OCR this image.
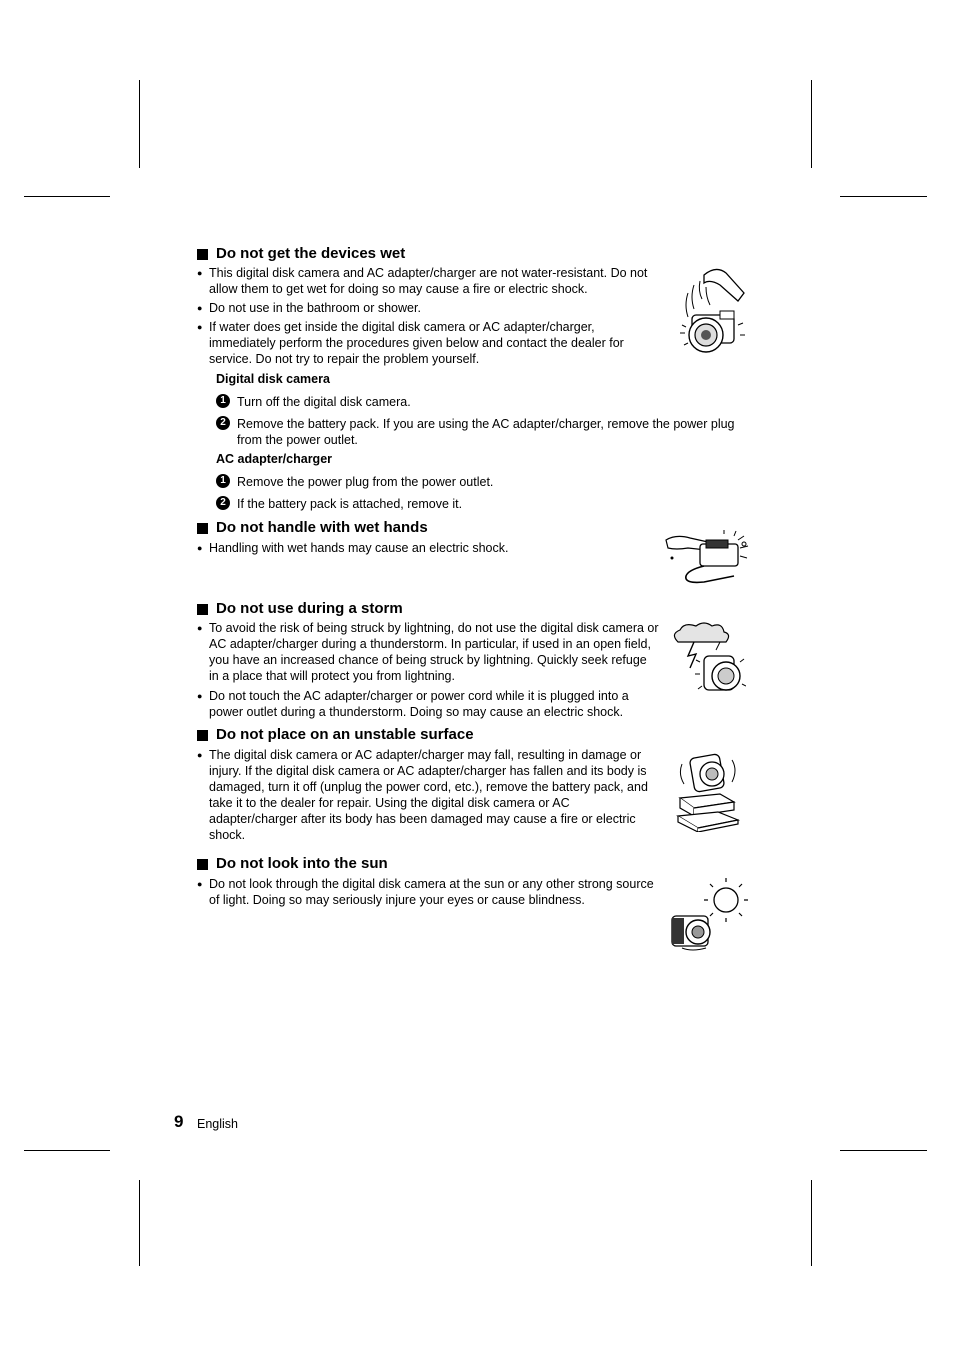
Do not get the devices wet
● This digital disk camera and AC adapter/charger are not water-resistant. Do not allow them to get wet for doing so may cause a fire or electric shock.
● Do not use in the bathroom or shower.
● If water does get inside the digital disk camera or AC adapter/charger, immediately perform the procedures given below and contact the dealer for service. Do not try to repair the problem yourself.
Digital disk camera
1 Turn off the digital disk camera.
2 Remove the battery pack. If you are using the AC adapter/charger, remove the power plug from the power outlet.
AC adapter/charger
1 Remove the power plug from the power outlet.
2 If the battery pack is attached, remove it.
Do not handle with wet hands
● Handling with wet hands may cause an electric shock.
Do not use during a storm
● To avoid the risk of being struck by lightning, do not use the digital disk camera or AC adapter/charger during a thunderstorm. In particular, if used in an open field, you have an increased chance of being struck by lightning. Quickly seek refuge in a place that will protect you from lightning.
● Do not touch the AC adapter/charger or power cord while it is plugged into a power outlet during a thunderstorm. Doing so may cause an electric shock.
Do not place on an unstable surface
● The digital disk camera or AC adapter/charger may fall, resulting in damage or injury. If the digital disk camera or AC adapter/charger has fallen and its body is damaged, turn it off (unplug the power cord, etc.), remove the battery pack, and take it to the dealer for repair. Using the digital disk camera or AC adapter/charger after its body has been damaged may cause a fire or electric shock.
Do not look into the sun
● Do not look through the digital disk camera at the sun or any other strong source of light. Doing so may seriously injure your eyes or cause blindness.
9 English
